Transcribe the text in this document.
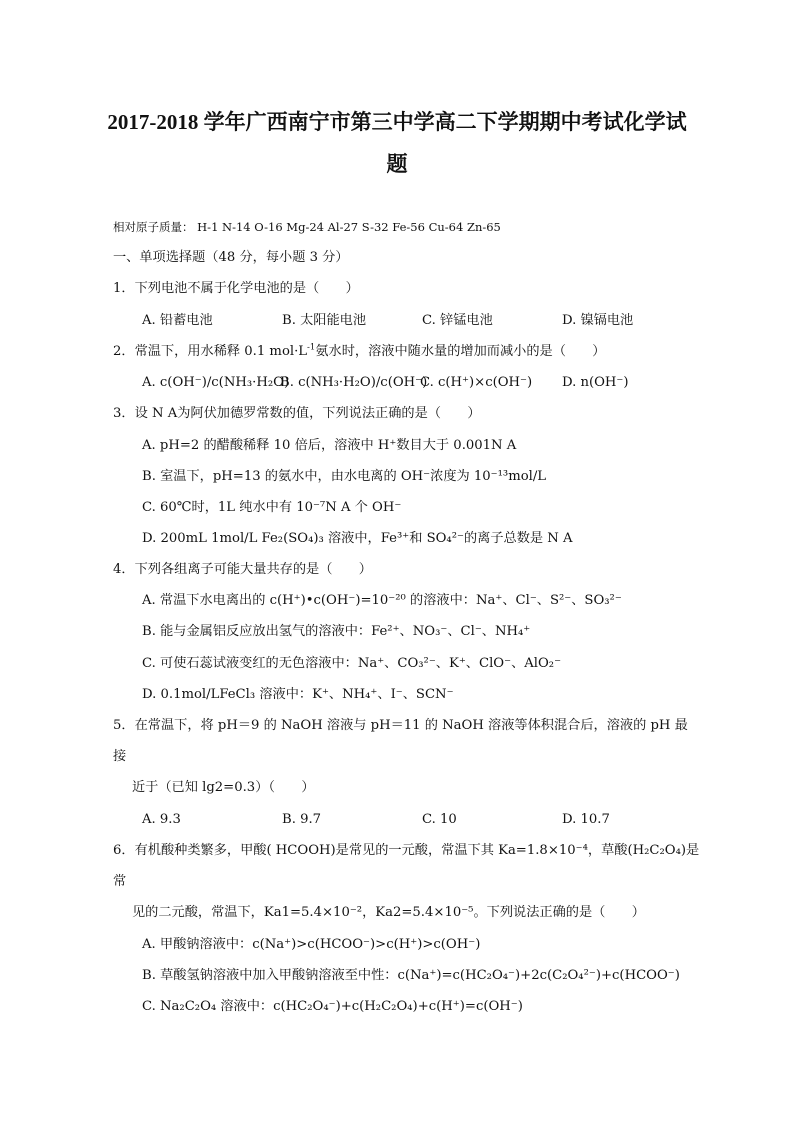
2017-2018 学年广西南宁市第三中学高二下学期期中考试化学试
题
相对原子质量： H-1 N-14 O-16 Mg-24 Al-27 S-32 Fe-56 Cu-64 Zn-65
一、单项选择题（48 分，每小题 3 分）
1．下列电池不属于化学电池的是（　　）
A. 铅蓄电池	B. 太阳能电池	C. 锌锰电池	D. 镍镉电池
2．常温下，用水稀释 0.1 $mol\cdot L^{-1}$氨水时，溶液中随水量的增加而减小的是（　　）
A. c(OH⁻)/c(NH₃·H₂O)
B. c(NH₃·H₂O)/c(OH⁻)
C. c(H⁺)×c(OH⁻) D. n(OH⁻)
3．设 N A为阿伏加德罗常数的值，下列说法正确的是（　　）
A. pH=2 的醋酸稀释 10 倍后，溶液中 H⁺数目大于 0.001N A
B. 室温下，pH=13 的氨水中，由水电离的 OH⁻浓度为 10⁻¹³mol/L
C. 60℃时，1L 纯水中有 10⁻⁷N A 个 OH⁻
D. 200mL 1mol/L Fe₂(SO₄)₃ 溶液中，Fe³⁺和 SO₄²⁻的离子总数是 N A
4．下列各组离子可能大量共存的是（　　）
A. 常温下水电离出的 c(H⁺)•c(OH⁻)=10⁻²⁰ 的溶液中：Na⁺、Cl⁻、S²⁻、SO₃²⁻
B. 能与金属铝反应放出氢气的溶液中：Fe²⁺、NO₃⁻、Cl⁻、NH₄⁺
C. 可使石蕊试液变红的无色溶液中：Na⁺、CO₃²⁻、K⁺、ClO⁻、AlO₂⁻
D. 0.1mol/LFeCl₃ 溶液中：K⁺、NH₄⁺、I⁻、SCN⁻
5．在常温下，将 pH＝9 的 NaOH 溶液与 pH＝11 的 NaOH 溶液等体积混合后，溶液的 pH 最
接
近于（已知 lg2=0.3）（　　）
A. 9.3	B. 9.7	C. 10	D. 10.7
6．有机酸种类繁多，甲酸( HCOOH)是常见的一元酸，常温下其 Ka=1.8×10⁻⁴，草酸(H₂C₂O₄)是
常
见的二元酸，常温下，Ka1=5.4×10⁻²，Ka2=5.4×10⁻⁵。下列说法正确的是（　　）
A. 甲酸钠溶液中：c(Na⁺)>c(HCOO⁻)>c(H⁺)>c(OH⁻)
B. 草酸氢钠溶液中加入甲酸钠溶液至中性：c(Na⁺)=c(HC₂O₄⁻)+2c(C₂O₄²⁻)+c(HCOO⁻)
C. Na₂C₂O₄ 溶液中：c(HC₂O₄⁻)+c(H₂C₂O₄)+c(H⁺)=c(OH⁻)
